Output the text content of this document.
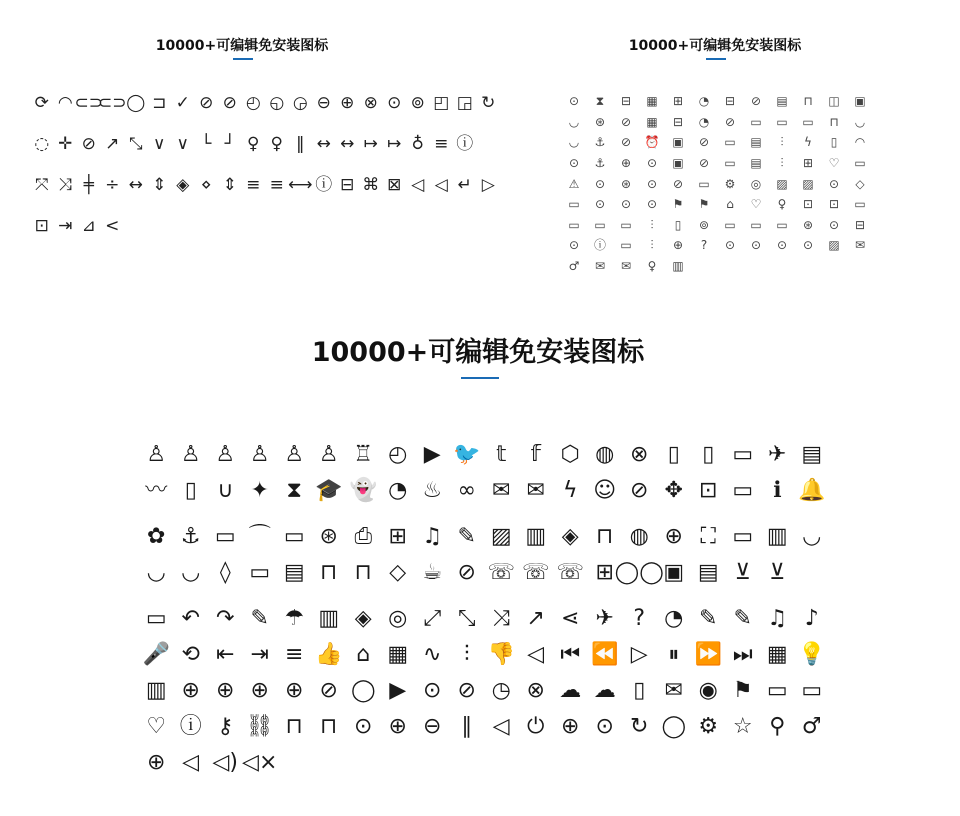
10000+可编辑免安装图标
⟳ ◠ ⊂⊃
⊂⊃ ◯ ⊐ ✓ ⊘ ⊘ ◴ ◵ ◶ ⊖ ⊕ ⊗ ⊙ ⊚ ◰ ◲ ↻
◌ ✛ ⊘ ↗ ⤡ ∨ ∨ └ ┘ ♀ ♀ ‖ ↔ ↔ ↦ ↦ ♁ ≡ ⓘ
⤧ ⤨ ╪ ÷ ↔ ⇕ ◈ ⋄ ⇕ ≡ ≡ ⟷ ⓘ ⊟ ⌘ ⊠ ◁ ◁ ↵ ▷
⊡ ⇥ ⊿ <
10000+可编辑免安装图标
⊙	⧗	⊟	▦	⊞	◔	⊟	⊘	▤	⊓	◫	▣
◡	⊛	⊘	▦	⊟	◔	⊘	▭	▭	▭	⊓	◡
◡	⚓	⊘	⏰	▣	⊘	▭	▤	⫶	ϟ	▯	◠
⊙	⚓	⊕	⊙	▣	⊘	▭	▤	⫶	⊞	♡	▭
⚠	⊙	⊛	⊙	⊘	▭	⚙	◎	▨	▨	⊙	◇
▭	⊙	⊙	⊙	⚑	⚑	⌂	♡	♀	⊡	⊡	▭
▭	▭	▭	⫶	▯	⊚	▭	▭	▭	⊛	⊙	⊟
⊙	ⓘ	▭	⫶	⊕	?	⊙	⊙	⊙	⊙	▨	✉
♂	✉	✉	♀	▥
10000+可编辑免安装图标
♙ ♙ ♙ ♙ ♙ ♙ ♖ ◴ ▶ 🐦 𝕥	𝕗 ⬡ ◍ ⊗ ▯	▯ ▭ ✈ ▤
〰 ▯ ∪ ✦ ⧗ 🎓 👻 ◔ ♨ ∞ ✉ ✉ ϟ ☺ ⊘ ✥ ⊡ ▭ ℹ 🔔
✿ ⚓ ▭ ⌒ ▭ ⊛ ⎙ ⊞ ♫ ✎ ▨ ▥ ◈ ⊓ ◍ ⊕ ⛶ ▭ ▥ ◡
◡ ◡ ◊ ▭ ▤ ⊓ ⊓ ◇ ☕ ⊘ ☏ ☏ ☏ ⊞ ◯◯ ▣ ▤ ⊻ ⊻
▭ ↶ ↷ ✎ ☂ ▥ ◈ ◎ ⤢ ⤡ ⤨ ↗ ⋖ ✈ ? ◔ ✎ ✎ ♫ ♪
🎤 ⟲ ⇤ ⇥ ≡ 👍 ⌂ ▦ ∿	⫶ 👎 ◁ ⏮ ⏪ ▷ ⏸ ⏩ ⏭ ▦ 💡
▥ ⊕ ⊕ ⊕ ⊕ ⊘ ◯ ▶ ⊙ ⊘ ◷ ⊗ ☁ ☁ ▯ ✉ ◉ ⚑ ▭ ▭
♡ ⓘ ⚷ ⛓ ⊓ ⊓ ⊙ ⊕ ⊖ ∥ ◁ ⏻ ⊕ ⊙ ↻ ◯ ⚙ ☆ ⚲ ♂
⊕ ◁ ◁) ◁×
